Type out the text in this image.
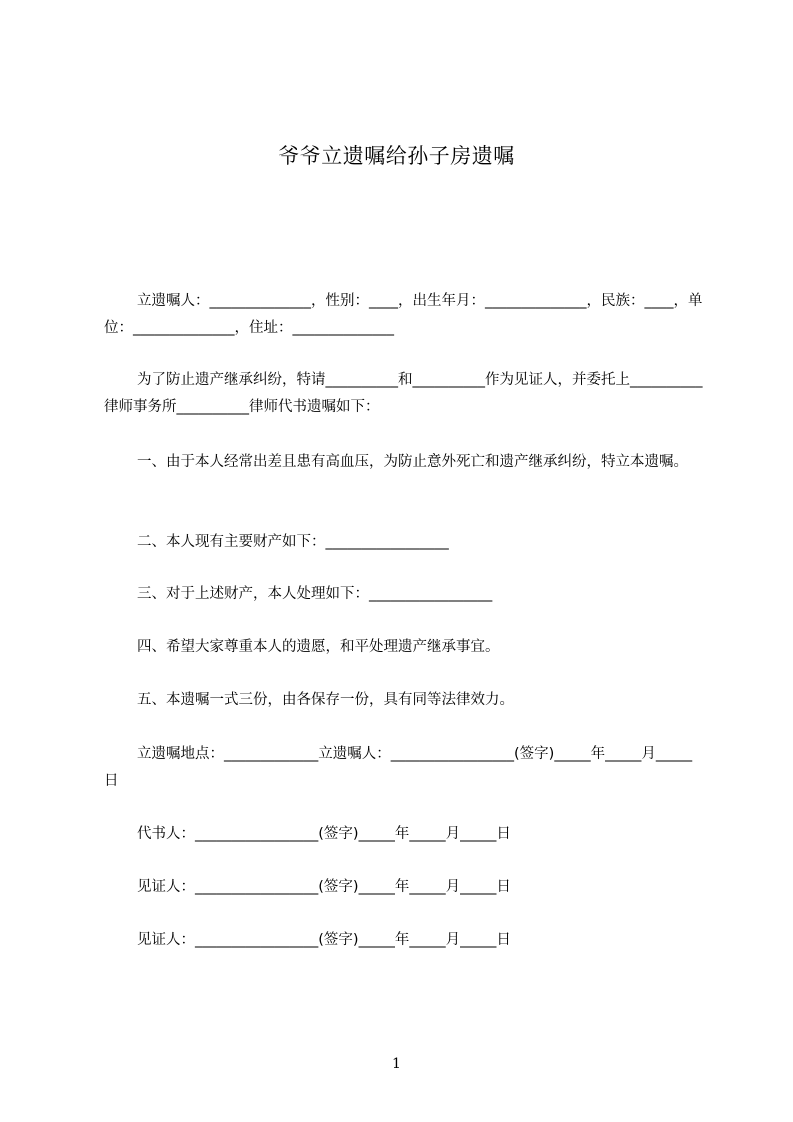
爷爷立遗嘱给孙子房遗嘱
立遗嘱人：______________，性别：____，出生年月：______________，民族：____，单位：______________，住址：______________
为了防止遗产继承纠纷，特请__________和__________作为见证人，并委托上__________律师事务所__________律师代书遗嘱如下：
一、由于本人经常出差且患有高血压，为防止意外死亡和遗产继承纠纷，特立本遗嘱。
二、本人现有主要财产如下：_________________
三、对于上述财产，本人处理如下：_________________
四、希望大家尊重本人的遗愿，和平处理遗产继承事宜。
五、本遗嘱一式三份，由各保存一份，具有同等法律效力。
立遗嘱地点：_____________立遗嘱人：_________________(签字)_____年_____月_____日
代书人：_________________(签字)_____年_____月_____日
见证人：_________________(签字)_____年_____月_____日
见证人：_________________(签字)_____年_____月_____日
1
